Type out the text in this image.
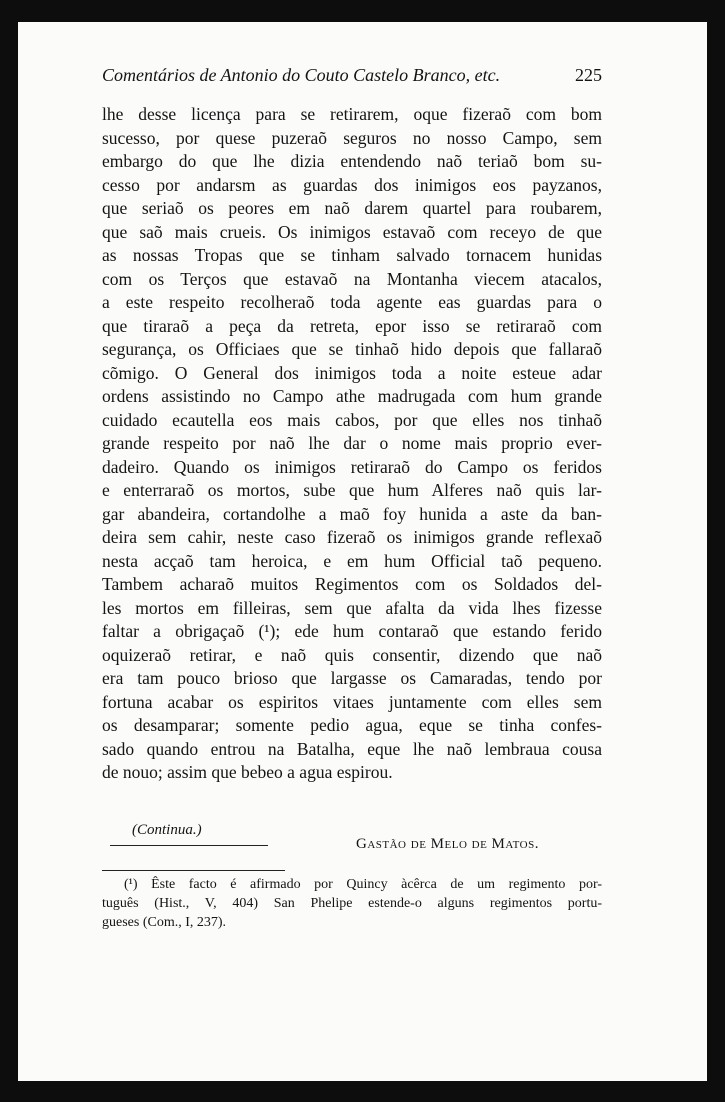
Comentários de Antonio do Couto Castelo Branco, etc.	225
lhe desse licença para se retirarem, oque fizeraõ com bom
sucesso, por quese puzeraõ seguros no nosso Campo, sem
embargo do que lhe dizia entendendo naõ teriaõ bom su-
cesso por andarsm as guardas dos inimigos eos payzanos,
que seriaõ os peores em naõ darem quartel para roubarem,
que saõ mais crueis. Os inimigos estavaõ com receyo de que
as nossas Tropas que se tinham salvado tornacem hunidas
com os Terços que estavaõ na Montanha viecem atacalos,
a este respeito recolheraõ toda agente eas guardas para o
que tiraraõ a peça da retreta, epor isso se retiraraõ com
segurança, os Officiaes que se tinhaõ hido depois que fallaraõ
cõmigo. O General dos inimigos toda a noite esteue adar
ordens assistindo no Campo athe madrugada com hum grande
cuidado ecautella eos mais cabos, por que elles nos tinhaõ
grande respeito por naõ lhe dar o nome mais proprio ever-
dadeiro. Quando os inimigos retiraraõ do Campo os feridos
e enterraraõ os mortos, sube que hum Alferes naõ quis lar-
gar abandeira, cortandolhe a maõ foy hunida a aste da ban-
deira sem cahir, neste caso fizeraõ os inimigos grande reflexaõ
nesta acçaõ tam heroica, e em hum Official taõ pequeno.
Tambem acharaõ muitos Regimentos com os Soldados del-
les mortos em filleiras, sem que afalta da vida lhes fizesse
faltar a obrigaçaõ (¹); ede hum contaraõ que estando ferido
oquizeraõ retirar, e naõ quis consentir, dizendo que naõ
era tam pouco brioso que largasse os Camaradas, tendo por
fortuna acabar os espiritos vitaes juntamente com elles sem
os desamparar; somente pedio agua, eque se tinha confes-
sado quando entrou na Batalha, eque lhe naõ lembraua cousa
de nouo; assim que bebeo a agua espirou.
(Continua.)
Gastão de Melo de Matos.
(¹) Êste facto é afirmado por Quincy àcêrca de um regimento por-
tuguês (Hist., V, 404) San Phelipe estende-o alguns regimentos portu-
gueses (Com., I, 237).
